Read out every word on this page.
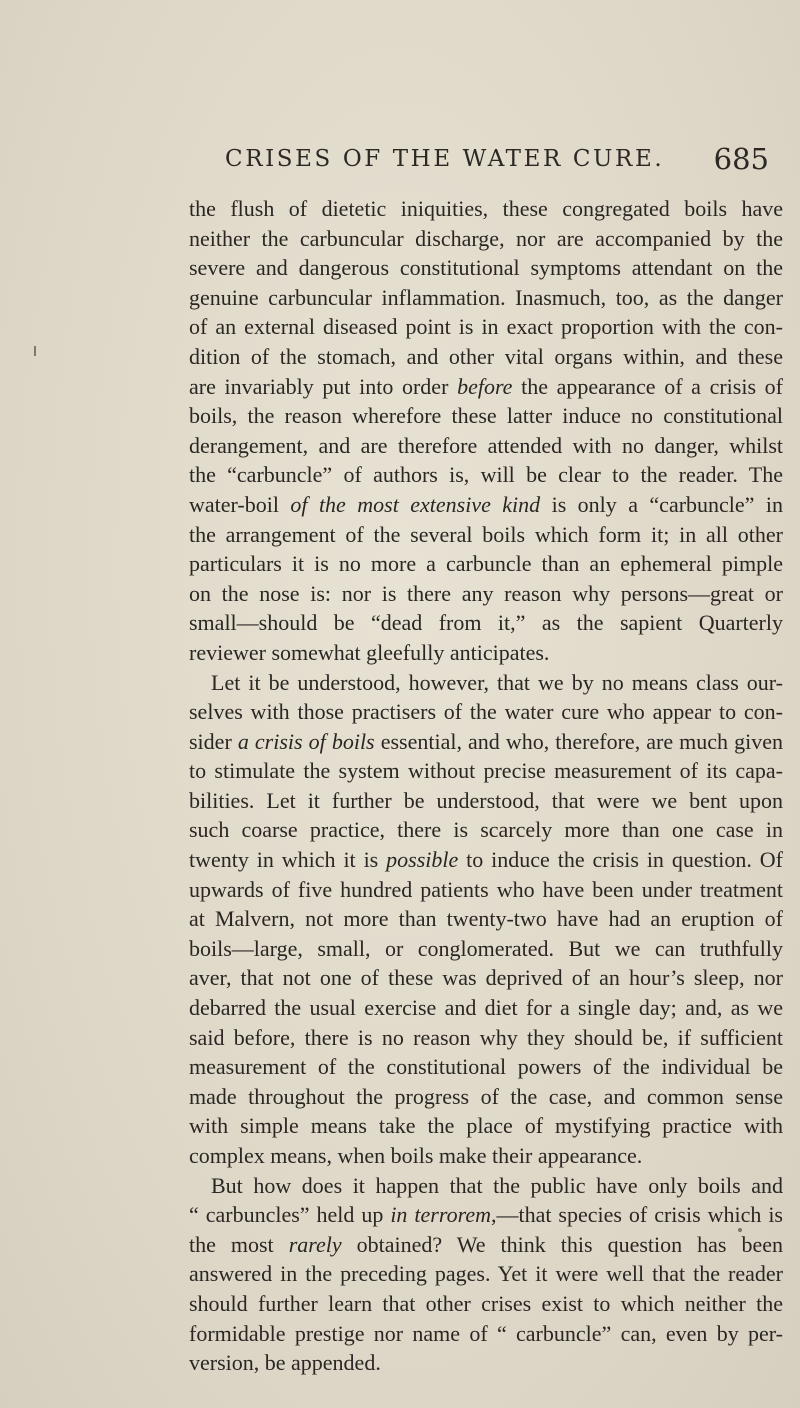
CRISES OF THE WATER CURE. 685
the flush of dietetic iniquities, these congregated boils have
neither the carbuncular discharge, nor are accompanied by the
severe and dangerous constitutional symptoms attendant on the
genuine carbuncular inflammation. Inasmuch, too, as the danger
of an external diseased point is in exact proportion with the con-
dition of the stomach, and other vital organs within, and these
are invariably put into order before the appearance of a crisis of
boils, the reason wherefore these latter induce no constitutional
derangement, and are therefore attended with no danger, whilst
the “carbuncle” of authors is, will be clear to the reader. The
water-boil of the most extensive kind is only a “carbuncle” in
the arrangement of the several boils which form it; in all other
particulars it is no more a carbuncle than an ephemeral pimple
on the nose is: nor is there any reason why persons—great or
small—should be “dead from it,” as the sapient Quarterly
reviewer somewhat gleefully anticipates.
Let it be understood, however, that we by no means class our-
selves with those practisers of the water cure who appear to con-
sider a crisis of boils essential, and who, therefore, are much given
to stimulate the system without precise measurement of its capa-
bilities. Let it further be understood, that were we bent upon
such coarse practice, there is scarcely more than one case in
twenty in which it is possible to induce the crisis in question. Of
upwards of five hundred patients who have been under treatment
at Malvern, not more than twenty-two have had an eruption of
boils—large, small, or conglomerated. But we can truthfully
aver, that not one of these was deprived of an hour’s sleep, nor
debarred the usual exercise and diet for a single day; and, as we
said before, there is no reason why they should be, if sufficient
measurement of the constitutional powers of the individual be
made throughout the progress of the case, and common sense
with simple means take the place of mystifying practice with
complex means, when boils make their appearance.
But how does it happen that the public have only boils and
“ carbuncles” held up in terrorem,—that species of crisis which is
the most rarely obtained? We think this question has been
answered in the preceding pages. Yet it were well that the reader
should further learn that other crises exist to which neither the
formidable prestige nor name of “ carbuncle” can, even by per-
version, be appended.
